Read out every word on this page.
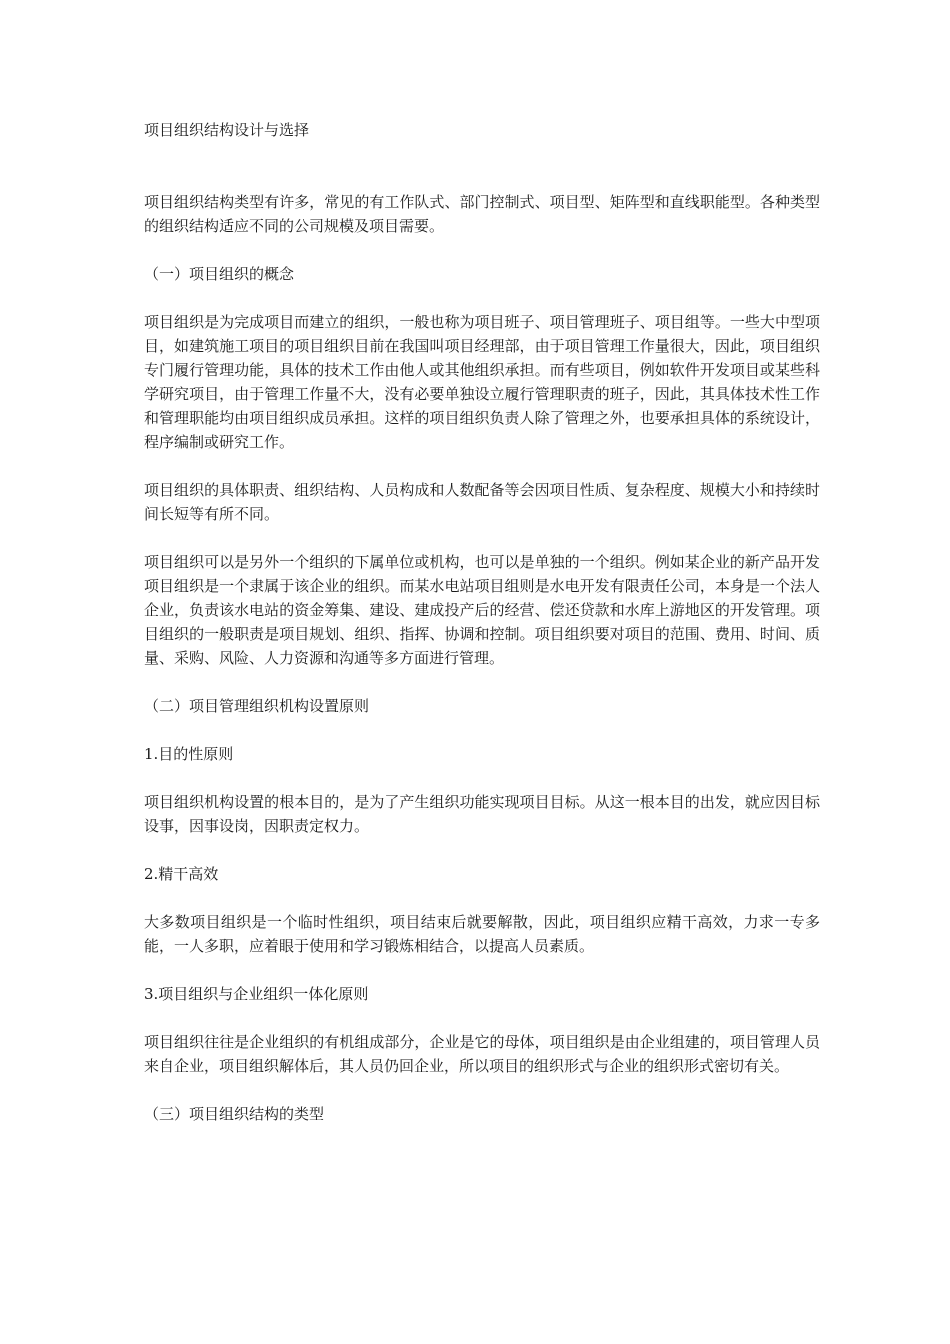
项目组织结构设计与选择

项目组织结构类型有许多，常见的有工作队式、部门控制式、项目型、矩阵型和直线职能型。各种类型的组织结构适应不同的公司规模及项目需要。

（一）项目组织的概念

项目组织是为完成项目而建立的组织，一般也称为项目班子、项目管理班子、项目组等。一些大中型项目，如建筑施工项目的项目组织目前在我国叫项目经理部，由于项目管理工作量很大，因此，项目组织专门履行管理功能，具体的技术工作由他人或其他组织承担。而有些项目，例如软件开发项目或某些科学研究项目，由于管理工作量不大，没有必要单独设立履行管理职责的班子，因此，其具体技术性工作和管理职能均由项目组织成员承担。这样的项目组织负责人除了管理之外，也要承担具体的系统设计，程序编制或研究工作。

项目组织的具体职责、组织结构、人员构成和人数配备等会因项目性质、复杂程度、规模大小和持续时间长短等有所不同。

项目组织可以是另外一个组织的下属单位或机构，也可以是单独的一个组织。例如某企业的新产品开发项目组织是一个隶属于该企业的组织。而某水电站项目组则是水电开发有限责任公司，本身是一个法人企业，负责该水电站的资金筹集、建设、建成投产后的经营、偿还贷款和水库上游地区的开发管理。项目组织的一般职责是项目规划、组织、指挥、协调和控制。项目组织要对项目的范围、费用、时间、质量、采购、风险、人力资源和沟通等多方面进行管理。

（二）项目管理组织机构设置原则

1.目的性原则

项目组织机构设置的根本目的，是为了产生组织功能实现项目目标。从这一根本目的出发，就应因目标设事，因事设岗，因职责定权力。

2.精干高效

大多数项目组织是一个临时性组织，项目结束后就要解散，因此，项目组织应精干高效，力求一专多能，一人多职，应着眼于使用和学习锻炼相结合，以提高人员素质。

3.项目组织与企业组织一体化原则

项目组织往往是企业组织的有机组成部分，企业是它的母体，项目组织是由企业组建的，项目管理人员来自企业，项目组织解体后，其人员仍回企业，所以项目的组织形式与企业的组织形式密切有关。

（三）项目组织结构的类型
